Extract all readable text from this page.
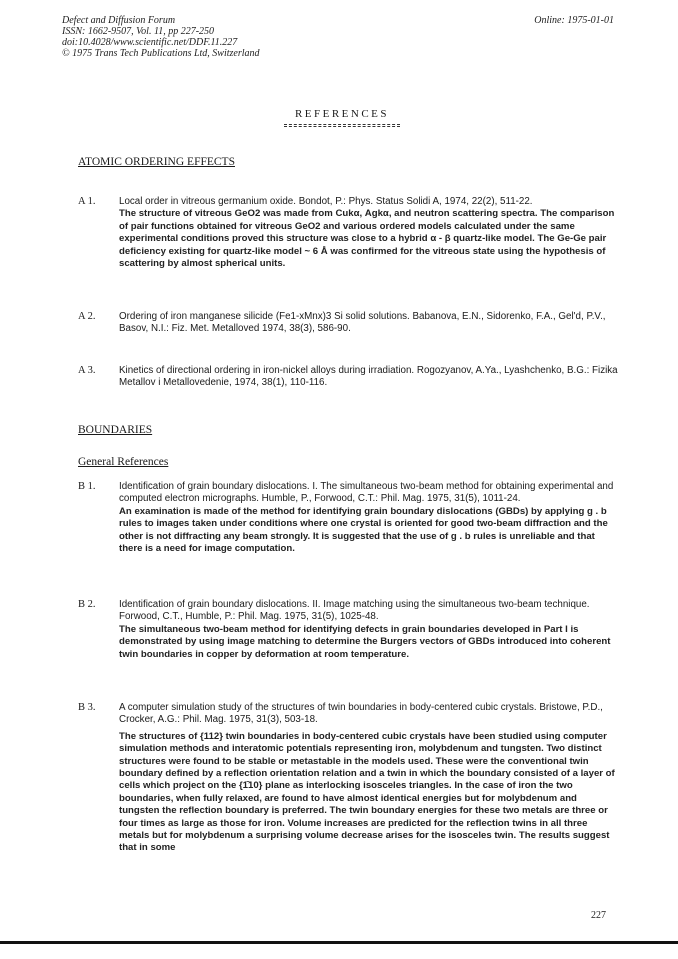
Defect and Diffusion Forum
ISSN: 1662-9507, Vol. 11, pp 227-250
doi:10.4028/www.scientific.net/DDF.11.227
© 1975 Trans Tech Publications Ltd, Switzerland
Online: 1975-01-01
REFERENCES
ATOMIC ORDERING EFFECTS
A 1.	Local order in vitreous germanium oxide. Bondot, P.: Phys. Status Solidi A, 1974, 22(2), 511-22.
The structure of vitreous GeO2 was made from Cukα, Agkα, and neutron scattering spectra. The comparison of pair functions obtained for vitreous GeO2 and various ordered models calculated under the same experimental conditions proved this structure was close to a hybrid α - β quartz-like model. The Ge-Ge pair deficiency existing for quartz-like model ~ 6 Å was confirmed for the vitreous state using the hypothesis of scattering by almost spherical units.
A 2.	Ordering of iron manganese silicide (Fe1-xMnx)3 Si solid solutions. Babanova, E.N., Sidorenko, F.A., Gel'd, P.V., Basov, N.I.: Fiz. Met. Metalloved 1974, 38(3), 586-90.
A 3.	Kinetics of directional ordering in iron-nickel alloys during irradiation. Rogozyanov, A.Ya., Lyashchenko, B.G.: Fizika Metallov i Metallovedenie, 1974, 38(1), 110-116.
BOUNDARIES
General References
B 1.	Identification of grain boundary dislocations. I. The simultaneous two-beam method for obtaining experimental and computed electron micrographs. Humble, P., Forwood, C.T.: Phil. Mag. 1975, 31(5), 1011-24.
An examination is made of the method for identifying grain boundary dislocations (GBDs) by applying g . b rules to images taken under conditions where one crystal is oriented for good two-beam diffraction and the other is not diffracting any beam strongly. It is suggested that the use of g . b rules is unreliable and that there is a need for image computation.
B 2.	Identification of grain boundary dislocations. II. Image matching using the simultaneous two-beam technique. Forwood, C.T., Humble, P.: Phil. Mag. 1975, 31(5), 1025-48.
The simultaneous two-beam method for identifying defects in grain boundaries developed in Part I is demonstrated by using image matching to determine the Burgers vectors of GBDs introduced into coherent twin boundaries in copper by deformation at room temperature.
B 3.	A computer simulation study of the structures of twin boundaries in body-centered cubic crystals. Bristowe, P.D., Crocker, A.G.: Phil. Mag. 1975, 31(3), 503-18.
The structures of {112} twin boundaries in body-centered cubic crystals have been studied using computer simulation methods and interatomic potentials representing iron, molybdenum and tungsten. Two distinct structures were found to be stable or metastable in the models used. These were the conventional twin boundary defined by a reflection orientation relation and a twin in which the boundary consisted of a layer of cells which project on the {1̄10} plane as interlocking isosceles triangles. In the case of iron the two boundaries, when fully relaxed, are found to have almost identical energies but for molybdenum and tungsten the reflection boundary is preferred. The twin boundary energies for these two metals are three or four times as large as those for iron. Volume increases are predicted for the reflection twins in all three metals but for molybdenum a surprising volume decrease arises for the isosceles twin. The results suggest that in some
227
